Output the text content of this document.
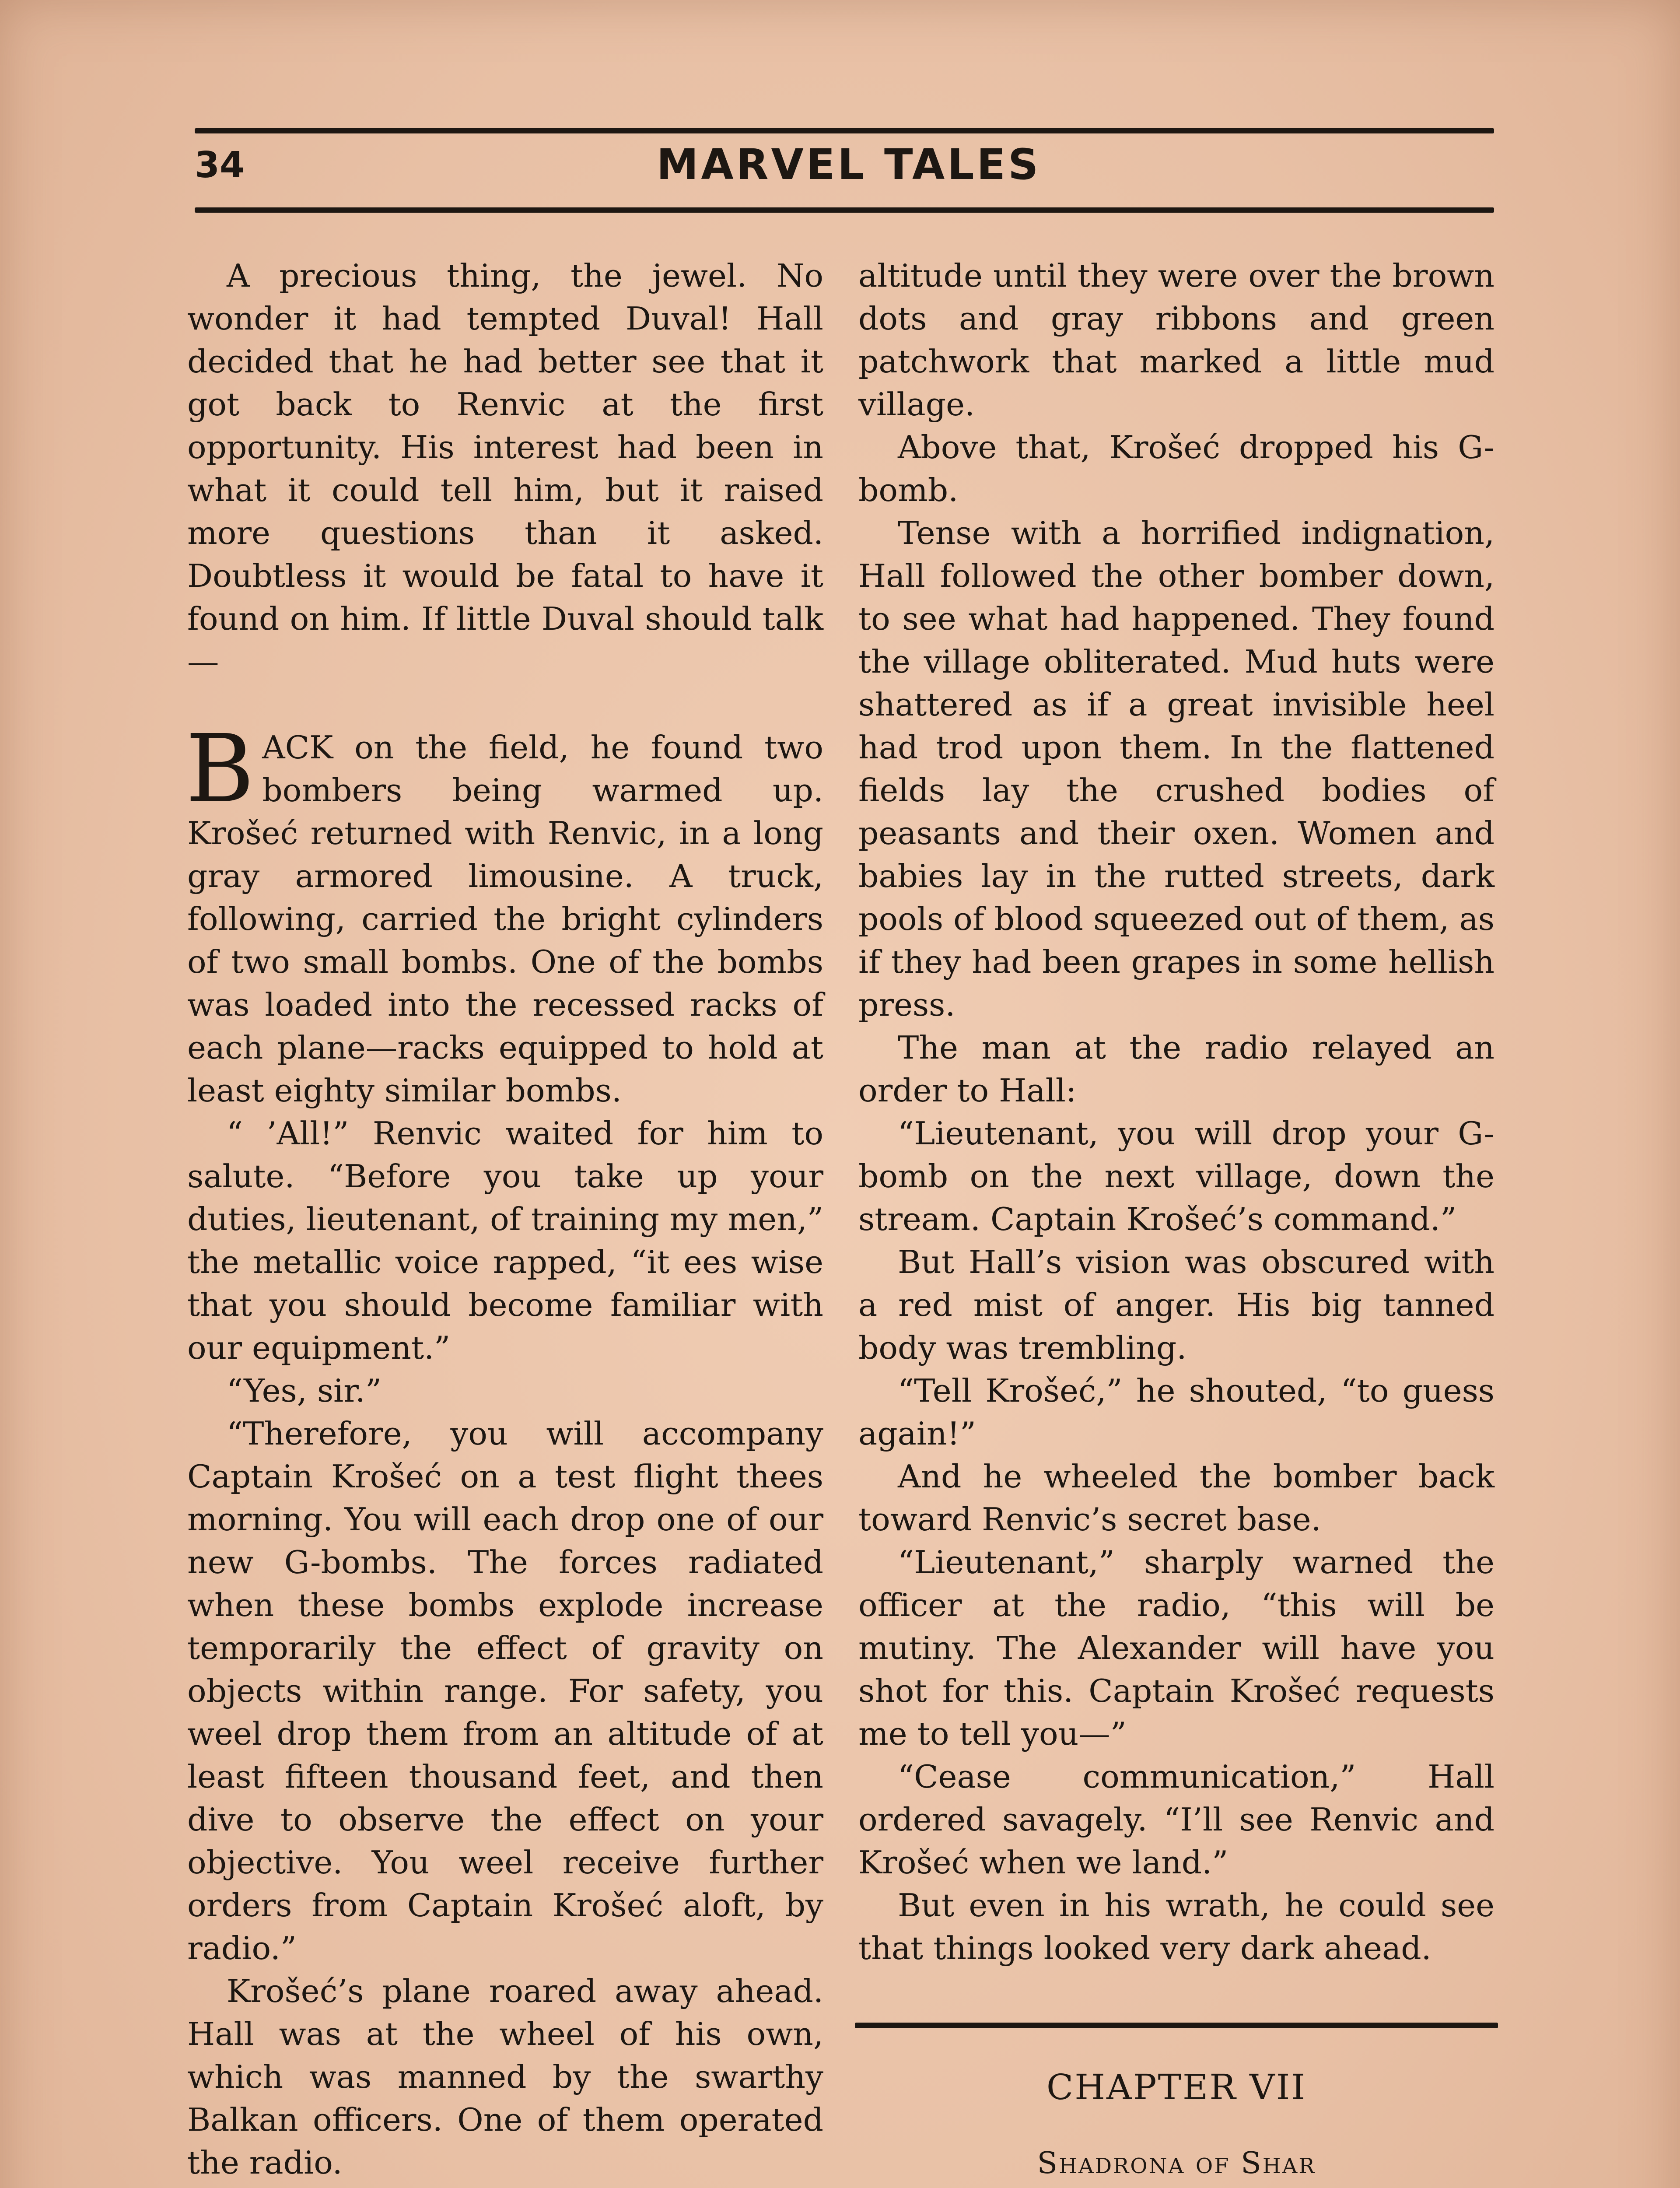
34	MARVEL TALES

A precious thing, the jewel. No wonder it had tempted Duval! Hall decided that he had better see that it got back to Renvic at the first opportunity. His interest had been in what it could tell him, but it raised more questions than it asked. Doubtless it would be fatal to have it found on him. If little Duval should talk—

BACK on the field, he found two bombers being warmed up. Krošeć returned with Renvic, in a long gray armored limousine. A truck, following, carried the bright cylinders of two small bombs. One of the bombs was loaded into the recessed racks of each plane—racks equipped to hold at least eighty similar bombs.

“ ’All!” Renvic waited for him to salute. “Before you take up your duties, lieutenant, of training my men,” the metallic voice rapped, “it ees wise that you should become familiar with our equipment.”

“Yes, sir.”

“Therefore, you will accompany Captain Krošeć on a test flight thees morning. You will each drop one of our new G-bombs. The forces radiated when these bombs explode increase temporarily the effect of gravity on objects within range. For safety, you weel drop them from an altitude of at least fifteen thousand feet, and then dive to observe the effect on your objective. You weel receive further orders from Captain Krošeć aloft, by radio.”

Krošeć’s plane roared away ahead. Hall was at the wheel of his own, which was manned by the swarthy Balkan officers. One of them operated the radio.

altitude until they were over the brown dots and gray ribbons and green patchwork that marked a little mud village.

Above that, Krošeć dropped his G-bomb.

Tense with a horrified indignation, Hall followed the other bomber down, to see what had happened. They found the village obliterated. Mud huts were shattered as if a great invisible heel had trod upon them. In the flattened fields lay the crushed bodies of peasants and their oxen. Women and babies lay in the rutted streets, dark pools of blood squeezed out of them, as if they had been grapes in some hellish press.

The man at the radio relayed an order to Hall:

“Lieutenant, you will drop your G-bomb on the next village, down the stream. Captain Krošeć’s command.”

But Hall’s vision was obscured with a red mist of anger. His big tanned body was trembling.

“Tell Krošeć,” he shouted, “to guess again!”

And he wheeled the bomber back toward Renvic’s secret base.

“Lieutenant,” sharply warned the officer at the radio, “this will be mutiny. The Alexander will have you shot for this. Captain Krošeć requests me to tell you—”

“Cease communication,” Hall ordered savagely. “I’ll see Renvic and Krošeć when we land.”

But even in his wrath, he could see that things looked very dark ahead.

CHAPTER VII
Shadrona of Shar
